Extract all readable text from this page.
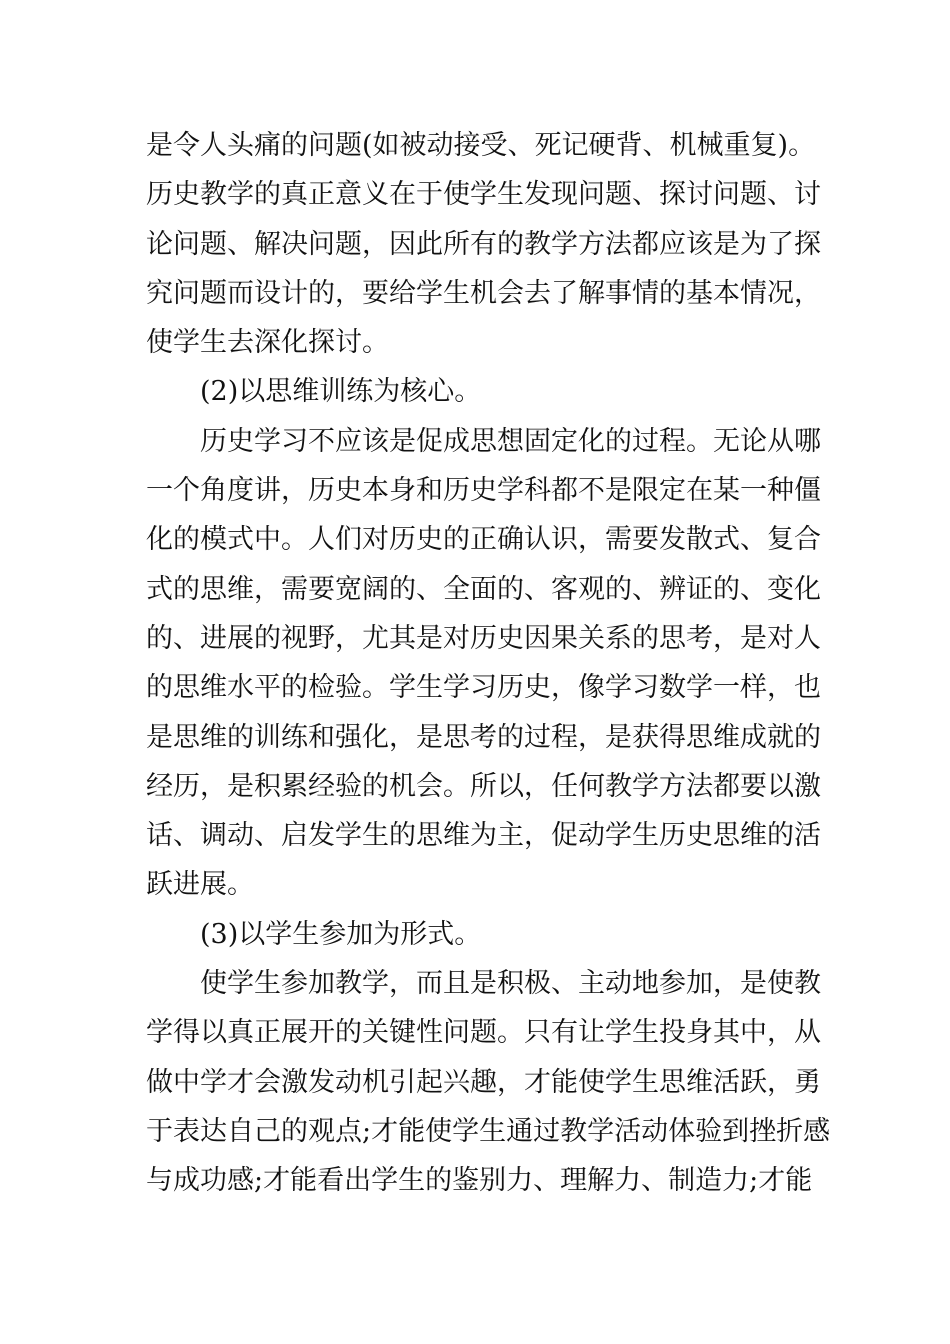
是令人头痛的问题(如被动接受、死记硬背、机械重复)。
历史教学的真正意义在于使学生发现问题、探讨问题、讨
论问题、解决问题，因此所有的教学方法都应该是为了探
究问题而设计的，要给学生机会去了解事情的基本情况，
使学生去深化探讨。
(2)以思维训练为核心。
历史学习不应该是促成思想固定化的过程。无论从哪
一个角度讲，历史本身和历史学科都不是限定在某一种僵
化的模式中。人们对历史的正确认识，需要发散式、复合
式的思维，需要宽阔的、全面的、客观的、辨证的、变化
的、进展的视野，尤其是对历史因果关系的思考，是对人
的思维水平的检验。学生学习历史，像学习数学一样，也
是思维的训练和强化，是思考的过程，是获得思维成就的
经历，是积累经验的机会。所以，任何教学方法都要以激
话、调动、启发学生的思维为主，促动学生历史思维的活
跃进展。
(3)以学生参加为形式。
使学生参加教学，而且是积极、主动地参加，是使教
学得以真正展开的关键性问题。只有让学生投身其中，从
做中学才会激发动机引起兴趣，才能使学生思维活跃，勇
于表达自己的观点;才能使学生通过教学活动体验到挫折感
与成功感;才能看出学生的鉴别力、理解力、制造力;才能
